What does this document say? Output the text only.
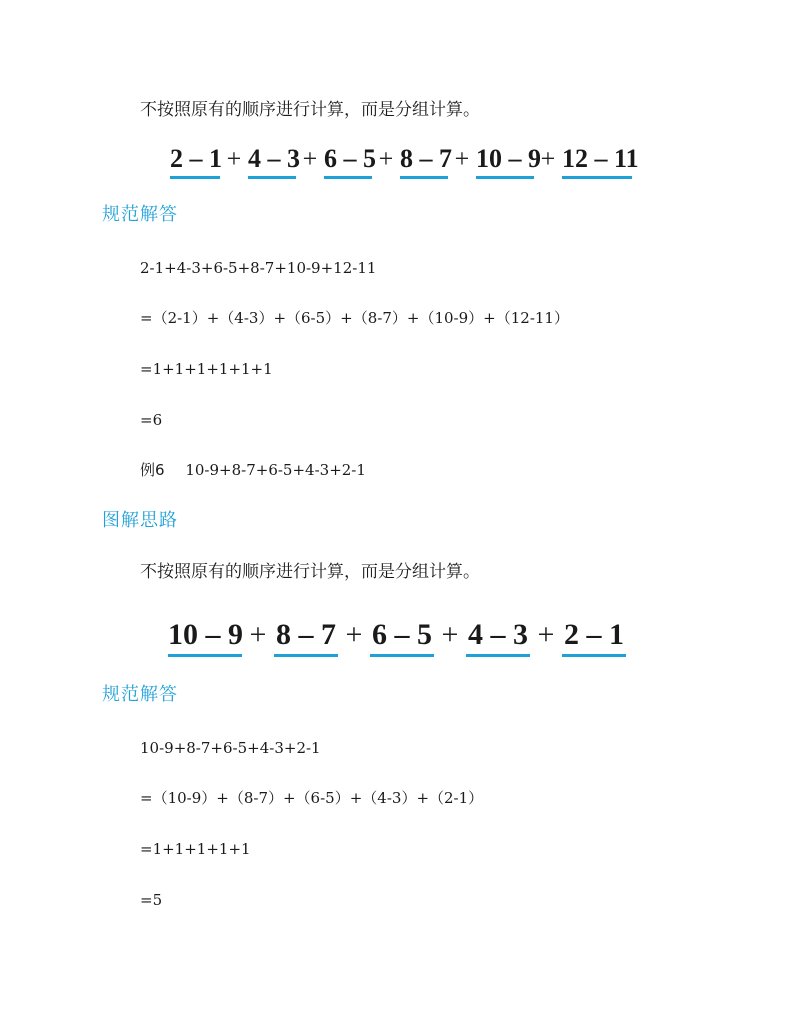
不按照原有的顺序进行计算，而是分组计算。
2 – 1 + 4 – 3 + 6 – 5 + 8 – 7 + 10 – 9 + 12 – 11
规范解答
2-1+4-3+6-5+8-7+10-9+12-11
=（2-1）+（4-3）+（6-5）+（8-7）+（10-9）+（12-11）
=1+1+1+1+1+1
=6
例6 10-9+8-7+6-5+4-3+2-1
图解思路
不按照原有的顺序进行计算，而是分组计算。
10 – 9 + 8 – 7 + 6 – 5 + 4 – 3 + 2 – 1
规范解答
10-9+8-7+6-5+4-3+2-1
=（10-9）+（8-7）+（6-5）+（4-3）+（2-1）
=1+1+1+1+1
=5
